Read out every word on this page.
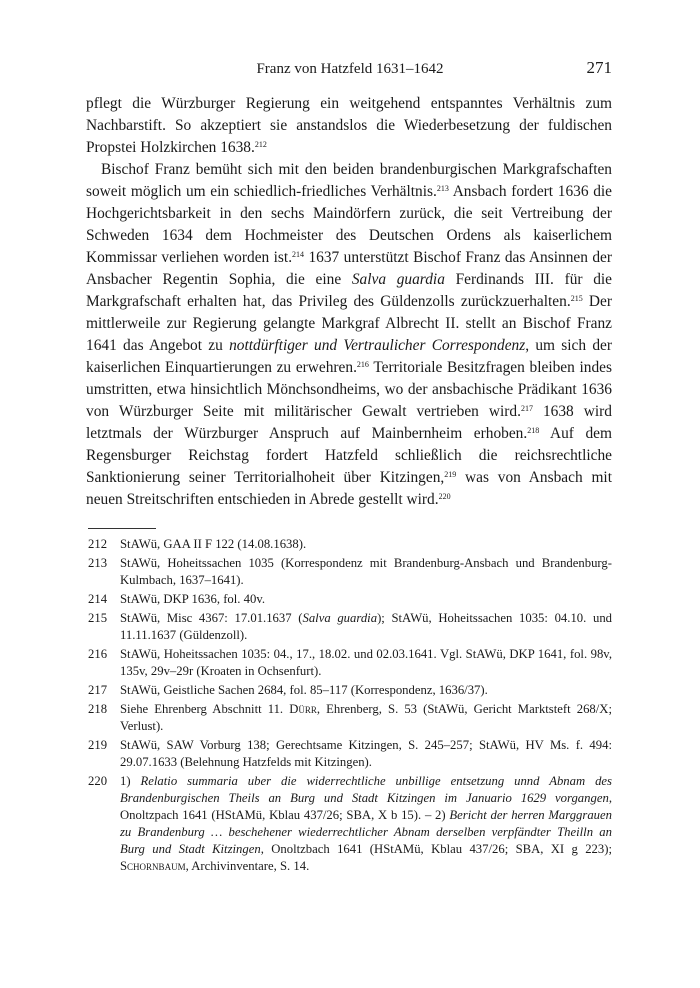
Franz von Hatzfeld 1631–1642	271

pflegt die Würzburger Regierung ein weitgehend entspanntes Verhältnis zum Nachbarstift. So akzeptiert sie anstandslos die Wiederbesetzung der fuldischen Propstei Holzkirchen 1638.$^{212}$

Bischof Franz bemüht sich mit den beiden brandenburgischen Markgrafschaften soweit möglich um ein schiedlich-friedliches Verhältnis.$^{213}$ Ansbach fordert 1636 die Hochgerichtsbarkeit in den sechs Maindörfern zurück, die seit Vertreibung der Schweden 1634 dem Hochmeister des Deutschen Ordens als kaiserlichem Kommissar verliehen worden ist.$^{214}$ 1637 unterstützt Bischof Franz das Ansinnen der Ansbacher Regentin Sophia, die eine Salva guardia Ferdinands III. für die Markgrafschaft erhalten hat, das Privileg des Güldenzolls zurückzuerhalten.$^{215}$ Der mittlerweile zur Regierung gelangte Markgraf Albrecht II. stellt an Bischof Franz 1641 das Angebot zu nottdürftiger und Vertraulicher Correspondenz, um sich der kaiserlichen Einquartierungen zu erwehren.$^{216}$ Territoriale Besitzfragen bleiben indes umstritten, etwa hinsichtlich Mönchsondheims, wo der ansbachische Prädikant 1636 von Würzburger Seite mit militärischer Gewalt vertrieben wird.$^{217}$ 1638 wird letztmals der Würzburger Anspruch auf Mainbernheim erhoben.$^{218}$ Auf dem Regensburger Reichstag fordert Hatzfeld schließlich die reichsrechtliche Sanktionierung seiner Territorialhoheit über Kitzingen,$^{219}$ was von Ansbach mit neuen Streitschriften entschieden in Abrede gestellt wird.$^{220}$

212	StAWü, GAA II F 122 (14.08.1638).
213	StAWü, Hoheitssachen 1035 (Korrespondenz mit Brandenburg-Ansbach und Brandenburg-Kulmbach, 1637–1641).
214	StAWü, DKP 1636, fol. 40v.
215	StAWü, Misc 4367: 17.01.1637 (Salva guardia); StAWü, Hoheitssachen 1035: 04.10. und 11.11.1637 (Güldenzoll).
216	StAWü, Hoheitssachen 1035: 04., 17., 18.02. und 02.03.1641. Vgl. StAWü, DKP 1641, fol. 98v, 135v, 29v–29r (Kroaten in Ochsenfurt).
217	StAWü, Geistliche Sachen 2684, fol. 85–117 (Korrespondenz, 1636/37).
218	Siehe Ehrenberg Abschnitt 11. Dürr, Ehrenberg, S. 53 (StAWü, Gericht Marktsteft 268/X; Verlust).
219	StAWü, SAW Vorburg 138; Gerechtsame Kitzingen, S. 245–257; StAWü, HV Ms. f. 494: 29.07.1633 (Belehnung Hatzfelds mit Kitzingen).
220	1) Relatio summaria uber die widerrechtliche unbillige entsetzung unnd Abnam des Brandenburgischen Theils an Burg und Stadt Kitzingen im Januario 1629 vorgangen, Onoltzpach 1641 (HStAMü, Kblau 437/26; SBA, X b 15). – 2) Bericht der herren Marggrauen zu Brandenburg … beschehener wiederrechtlicher Abnam derselben verpfändter Theilln an Burg und Stadt Kitzingen, Onoltzbach 1641 (HStAMü, Kblau 437/26; SBA, XI g 223); Schornbaum, Archivinventare, S. 14.
